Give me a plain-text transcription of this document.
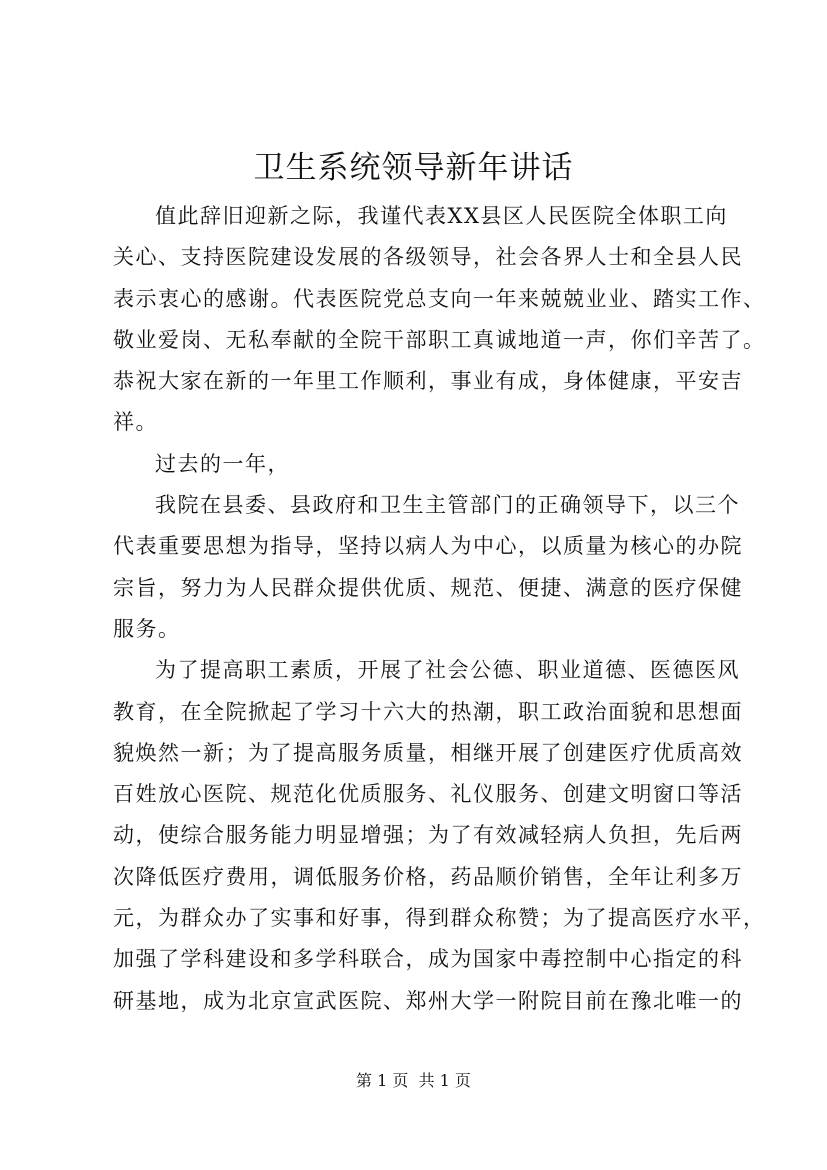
卫生系统领导新年讲话
值此辞旧迎新之际，我谨代表XX县区人民医院全体职工向
关心、支持医院建设发展的各级领导，社会各界人士和全县人民
表示衷心的感谢。代表医院党总支向一年来兢兢业业、踏实工作、
敬业爱岗、无私奉献的全院干部职工真诚地道一声，你们辛苦了。
恭祝大家在新的一年里工作顺利，事业有成，身体健康，平安吉
祥。
过去的一年，
我院在县委、县政府和卫生主管部门的正确领导下，以三个
代表重要思想为指导，坚持以病人为中心，以质量为核心的办院
宗旨，努力为人民群众提供优质、规范、便捷、满意的医疗保健
服务。
为了提高职工素质，开展了社会公德、职业道德、医德医风
教育，在全院掀起了学习十六大的热潮，职工政治面貌和思想面
貌焕然一新；为了提高服务质量，相继开展了创建医疗优质高效
百姓放心医院、规范化优质服务、礼仪服务、创建文明窗口等活
动，使综合服务能力明显增强；为了有效减轻病人负担，先后两
次降低医疗费用，调低服务价格，药品顺价销售，全年让利多万
元，为群众办了实事和好事，得到群众称赞；为了提高医疗水平，
加强了学科建设和多学科联合，成为国家中毒控制中心指定的科
研基地，成为北京宣武医院、郑州大学一附院目前在豫北唯一的
第 1 页  共 1 页
